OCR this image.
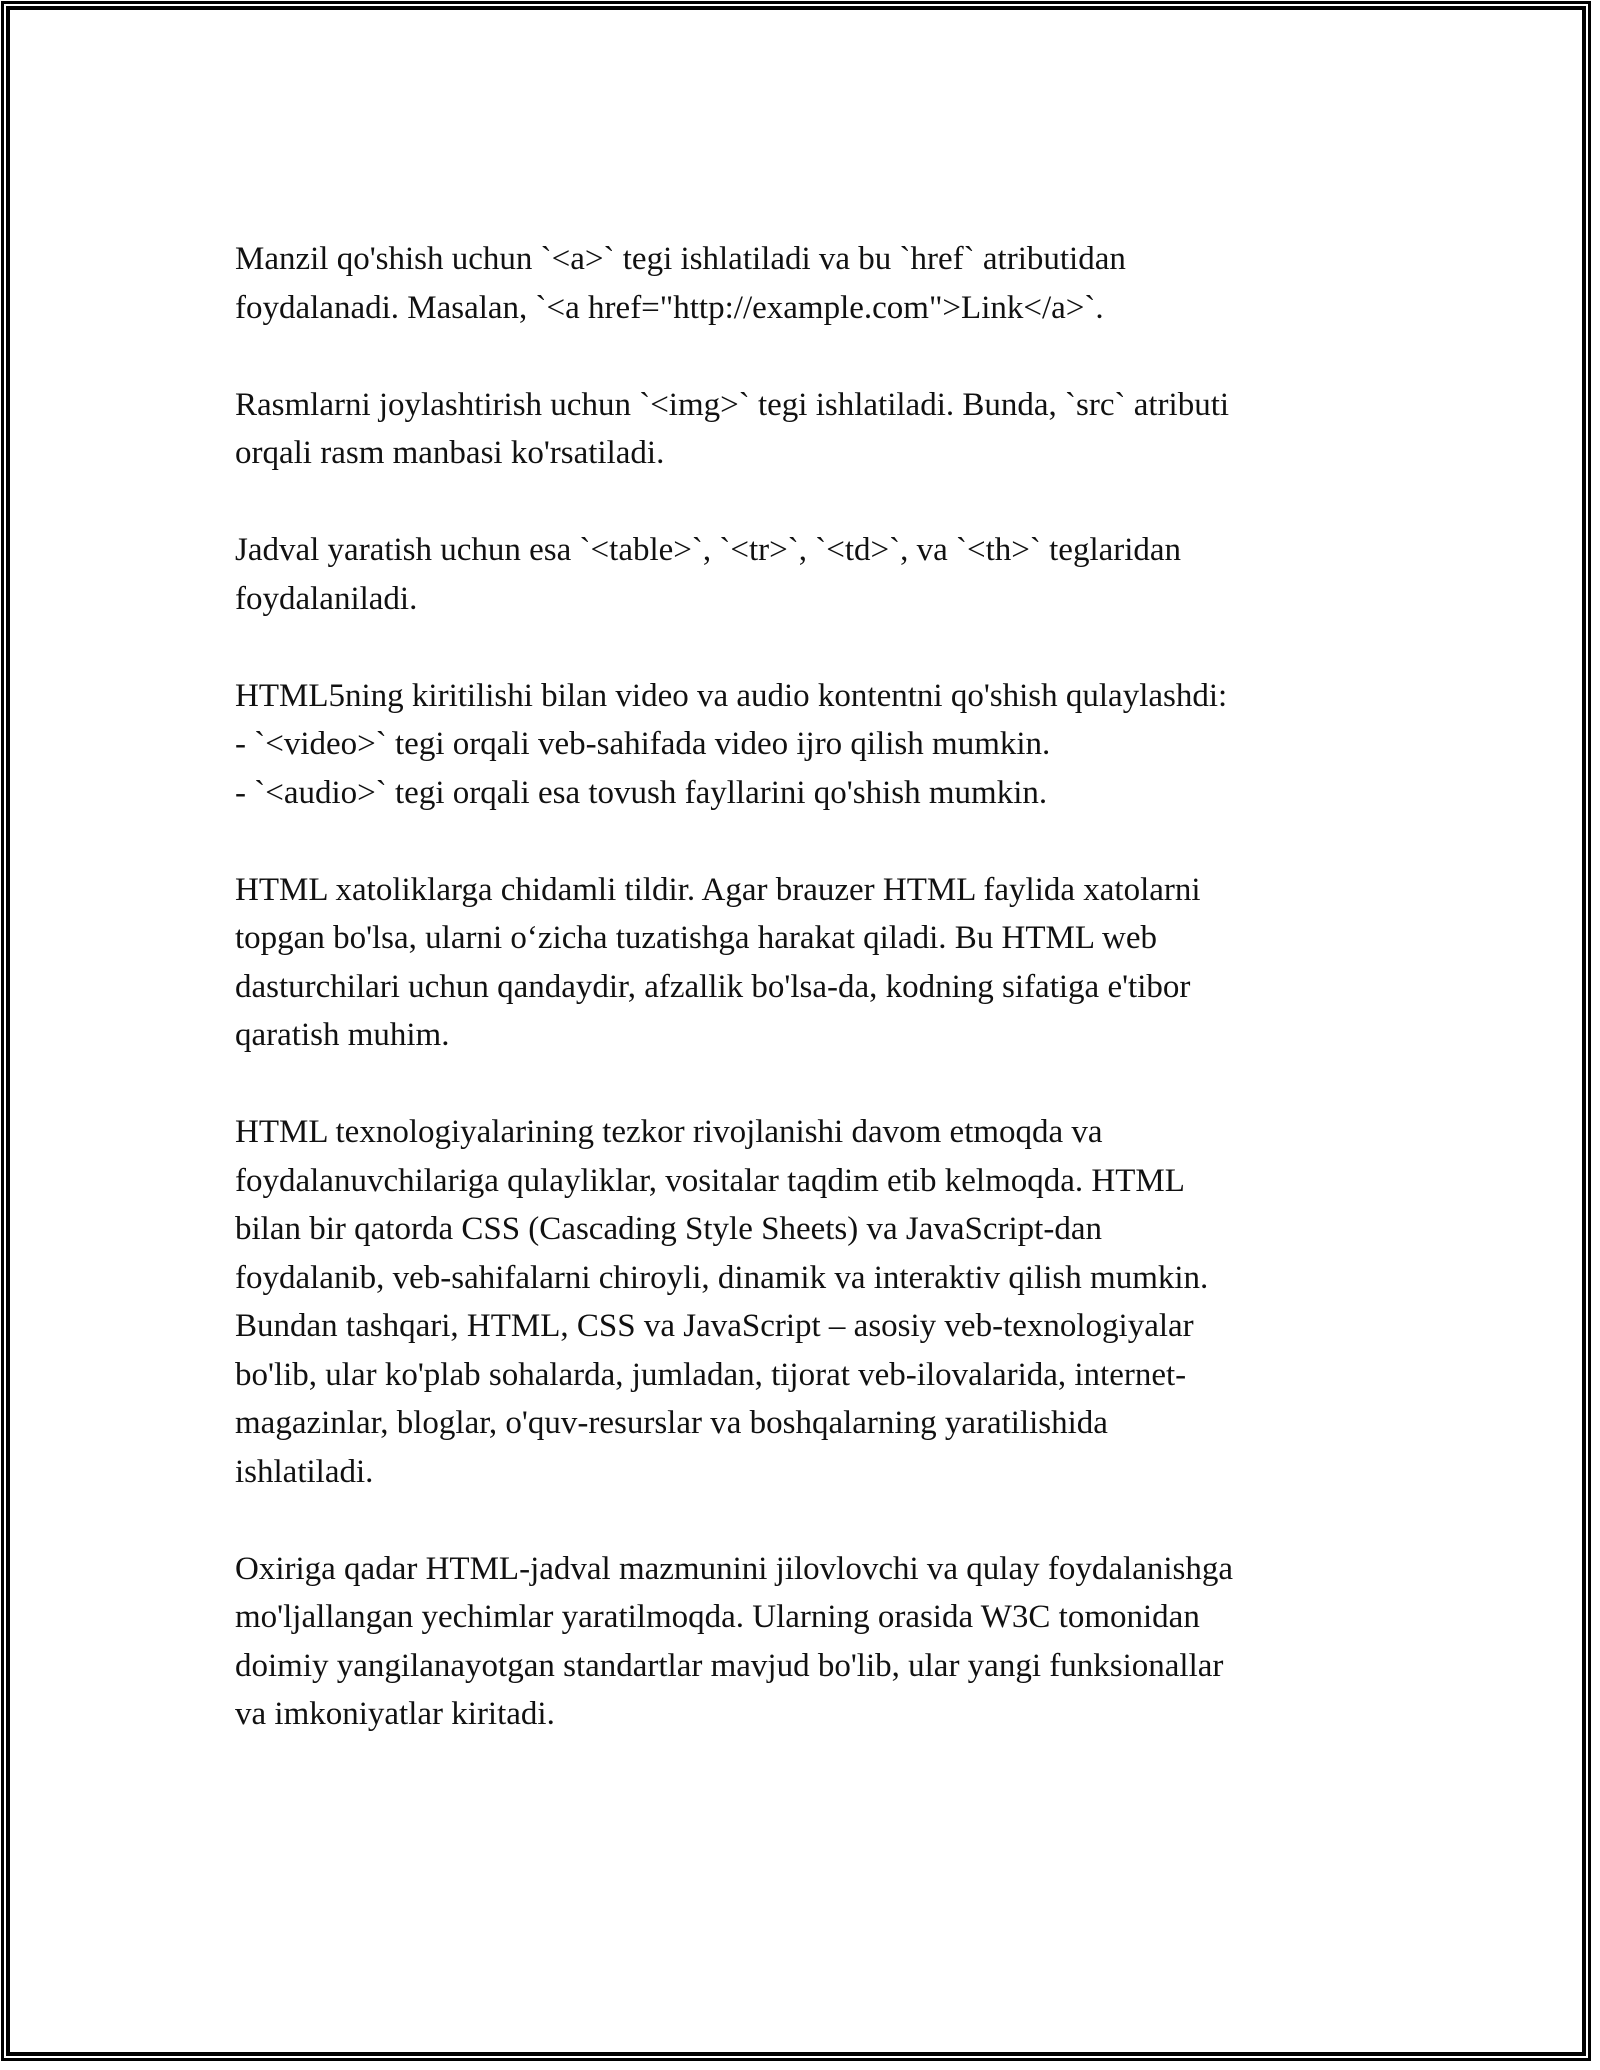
Manzil qo'shish uchun `<a>` tegi ishlatiladi va bu `href` atributidan
foydalanadi. Masalan, `<a href="http://example.com">Link</a>`.
Rasmlarni joylashtirish uchun `<img>` tegi ishlatiladi. Bunda, `src` atributi
orqali rasm manbasi ko'rsatiladi.
Jadval yaratish uchun esa `<table>`, `<tr>`, `<td>`, va `<th>` teglaridan
foydalaniladi.
HTML5ning kiritilishi bilan video va audio kontentni qo'shish qulaylashdi:
- `<video>` tegi orqali veb-sahifada video ijro qilish mumkin.
- `<audio>` tegi orqali esa tovush fayllarini qo'shish mumkin.
HTML xatoliklarga chidamli tildir. Agar brauzer HTML faylida xatolarni
topgan bo'lsa, ularni o‘zicha tuzatishga harakat qiladi. Bu HTML web
dasturchilari uchun qandaydir, afzallik bo'lsa-da, kodning sifatiga e'tibor
qaratish muhim.
HTML texnologiyalarining tezkor rivojlanishi davom etmoqda va
foydalanuvchilariga qulayliklar, vositalar taqdim etib kelmoqda. HTML
bilan bir qatorda CSS (Cascading Style Sheets) va JavaScript-dan
foydalanib, veb-sahifalarni chiroyli, dinamik va interaktiv qilish mumkin.
Bundan tashqari, HTML, CSS va JavaScript – asosiy veb-texnologiyalar
bo'lib, ular ko'plab sohalarda, jumladan, tijorat veb-ilovalarida, internet-
magazinlar, bloglar, o'quv-resurslar va boshqalarning yaratilishida
ishlatiladi.
Oxiriga qadar HTML-jadval mazmunini jilovlovchi va qulay foydalanishga
mo'ljallangan yechimlar yaratilmoqda. Ularning orasida W3C tomonidan
doimiy yangilanayotgan standartlar mavjud bo'lib, ular yangi funksionallar
va imkoniyatlar kiritadi.
